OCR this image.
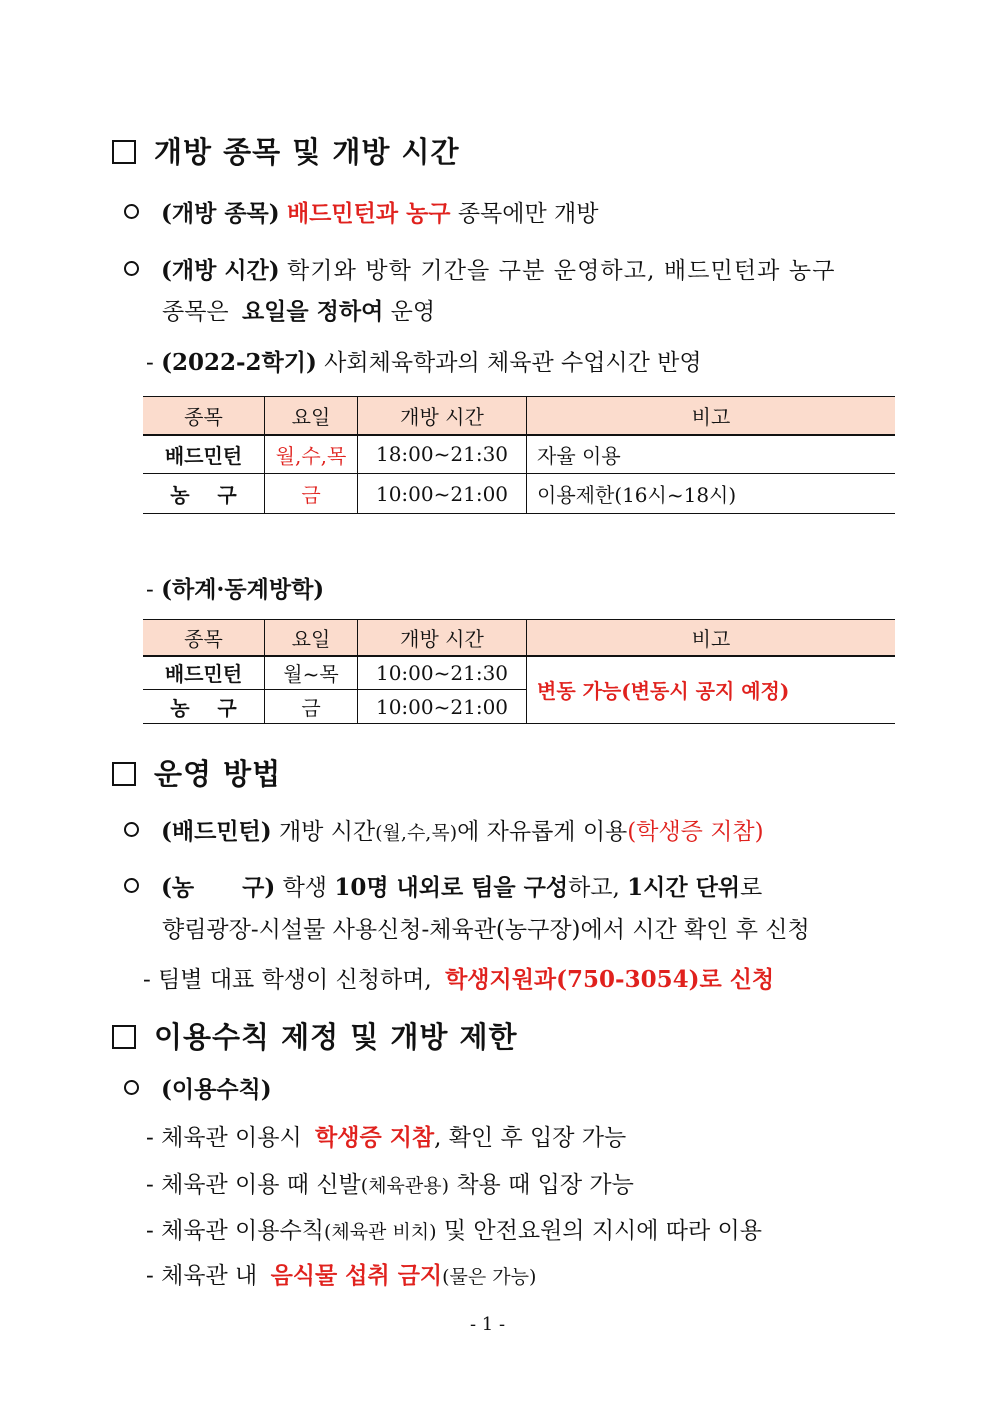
개방 종목 및 개방 시간
(개방 종목) 배드민턴과 농구 종목에만 개방
(개방 시간) 학기와 방학 기간을 구분 운영하고, 배드민턴과 농구
종목은 요일을 정하여 운영
- (2022-2학기) 사회체육학과의 체육관 수업시간 반영
종목	요일	개방 시간	비고
배드민턴	월,수,목	18:00~21:30	자율 이용
농    구	금	10:00~21:00	이용제한(16시~18시)
- (하계·동계방학)
종목	요일	개방 시간	비고
배드민턴	월~목	10:00~21:30	변동 가능(변동시 공지 예정)
농    구	금	10:00~21:00	
운영 방법
(배드민턴) 개방 시간(월,수,목)에 자유롭게 이용(학생증 지참)
(농      구) 학생 10명 내외로 팀을 구성하고, 1시간 단위로
향림광장-시설물 사용신청-체육관(농구장)에서 시간 확인 후 신청
- 팀별 대표 학생이 신청하며, 학생지원과(750-3054)로 신청
이용수칙 제정 및 개방 제한
(이용수칙)
- 체육관 이용시 학생증 지참, 확인 후 입장 가능
- 체육관 이용 때 신발(체육관용) 착용 때 입장 가능
- 체육관 이용수칙(체육관 비치) 및 안전요원의 지시에 따라 이용
- 체육관 내 음식물 섭취 금지(물은 가능)
- 1 -
